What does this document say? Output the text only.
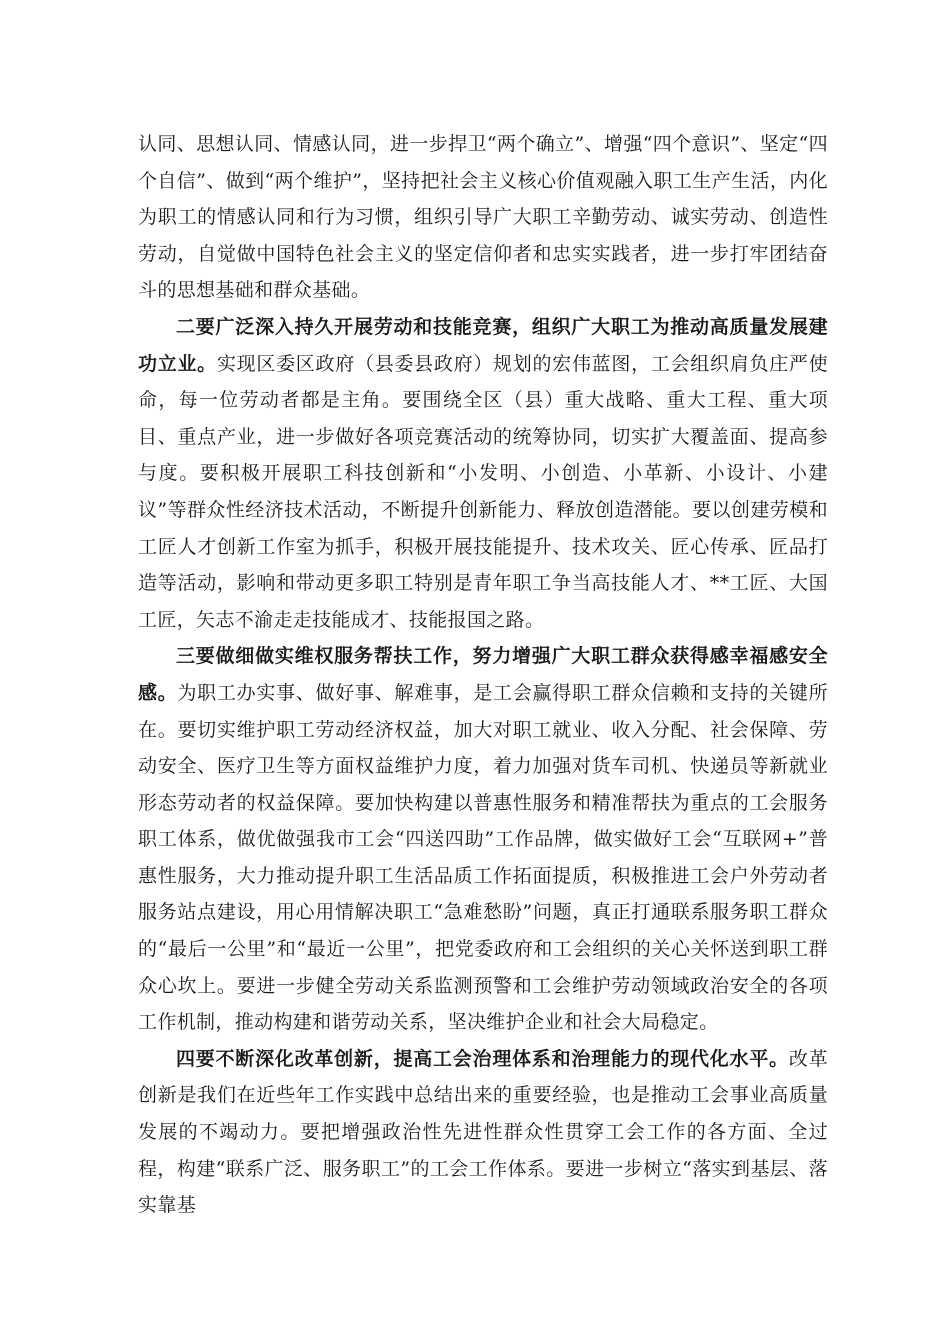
认同、思想认同、情感认同，进一步捍卫“两个确立”、增强“四个意识”、坚定“四个自信”、做到“两个维护”，坚持把社会主义核心价值观融入职工生产生活，内化为职工的情感认同和行为习惯，组织引导广大职工辛勤劳动、诚实劳动、创造性劳动，自觉做中国特色社会主义的坚定信仰者和忠实实践者，进一步打牢团结奋斗的思想基础和群众基础。

二要广泛深入持久开展劳动和技能竞赛，组织广大职工为推动高质量发展建功立业。实现区委区政府（县委县政府）规划的宏伟蓝图，工会组织肩负庄严使命，每一位劳动者都是主角。要围绕全区（县）重大战略、重大工程、重大项目、重点产业，进一步做好各项竞赛活动的统筹协同，切实扩大覆盖面、提高参与度。要积极开展职工科技创新和“小发明、小创造、小革新、小设计、小建议”等群众性经济技术活动，不断提升创新能力、释放创造潜能。要以创建劳模和工匠人才创新工作室为抓手，积极开展技能提升、技术攻关、匠心传承、匠品打造等活动，影响和带动更多职工特别是青年职工争当高技能人才、**工匠、大国工匠，矢志不渝走走技能成才、技能报国之路。

三要做细做实维权服务帮扶工作，努力增强广大职工群众获得感幸福感安全感。为职工办实事、做好事、解难事，是工会赢得职工群众信赖和支持的关键所在。要切实维护职工劳动经济权益，加大对职工就业、收入分配、社会保障、劳动安全、医疗卫生等方面权益维护力度，着力加强对货车司机、快递员等新就业形态劳动者的权益保障。要加快构建以普惠性服务和精准帮扶为重点的工会服务职工体系，做优做强我市工会“四送四助”工作品牌，做实做好工会“互联网+”普惠性服务，大力推动提升职工生活品质工作拓面提质，积极推进工会户外劳动者服务站点建设，用心用情解决职工“急难愁盼”问题，真正打通联系服务职工群众的“最后一公里”和“最近一公里”，把党委政府和工会组织的关心关怀送到职工群众心坎上。要进一步健全劳动关系监测预警和工会维护劳动领域政治安全的各项工作机制，推动构建和谐劳动关系，坚决维护企业和社会大局稳定。

四要不断深化改革创新，提高工会治理体系和治理能力的现代化水平。改革创新是我们在近些年工作实践中总结出来的重要经验，也是推动工会事业高质量发展的不竭动力。要把增强政治性先进性群众性贯穿工会工作的各方面、全过程，构建“联系广泛、服务职工”的工会工作体系。要进一步树立“落实到基层、落实靠基
